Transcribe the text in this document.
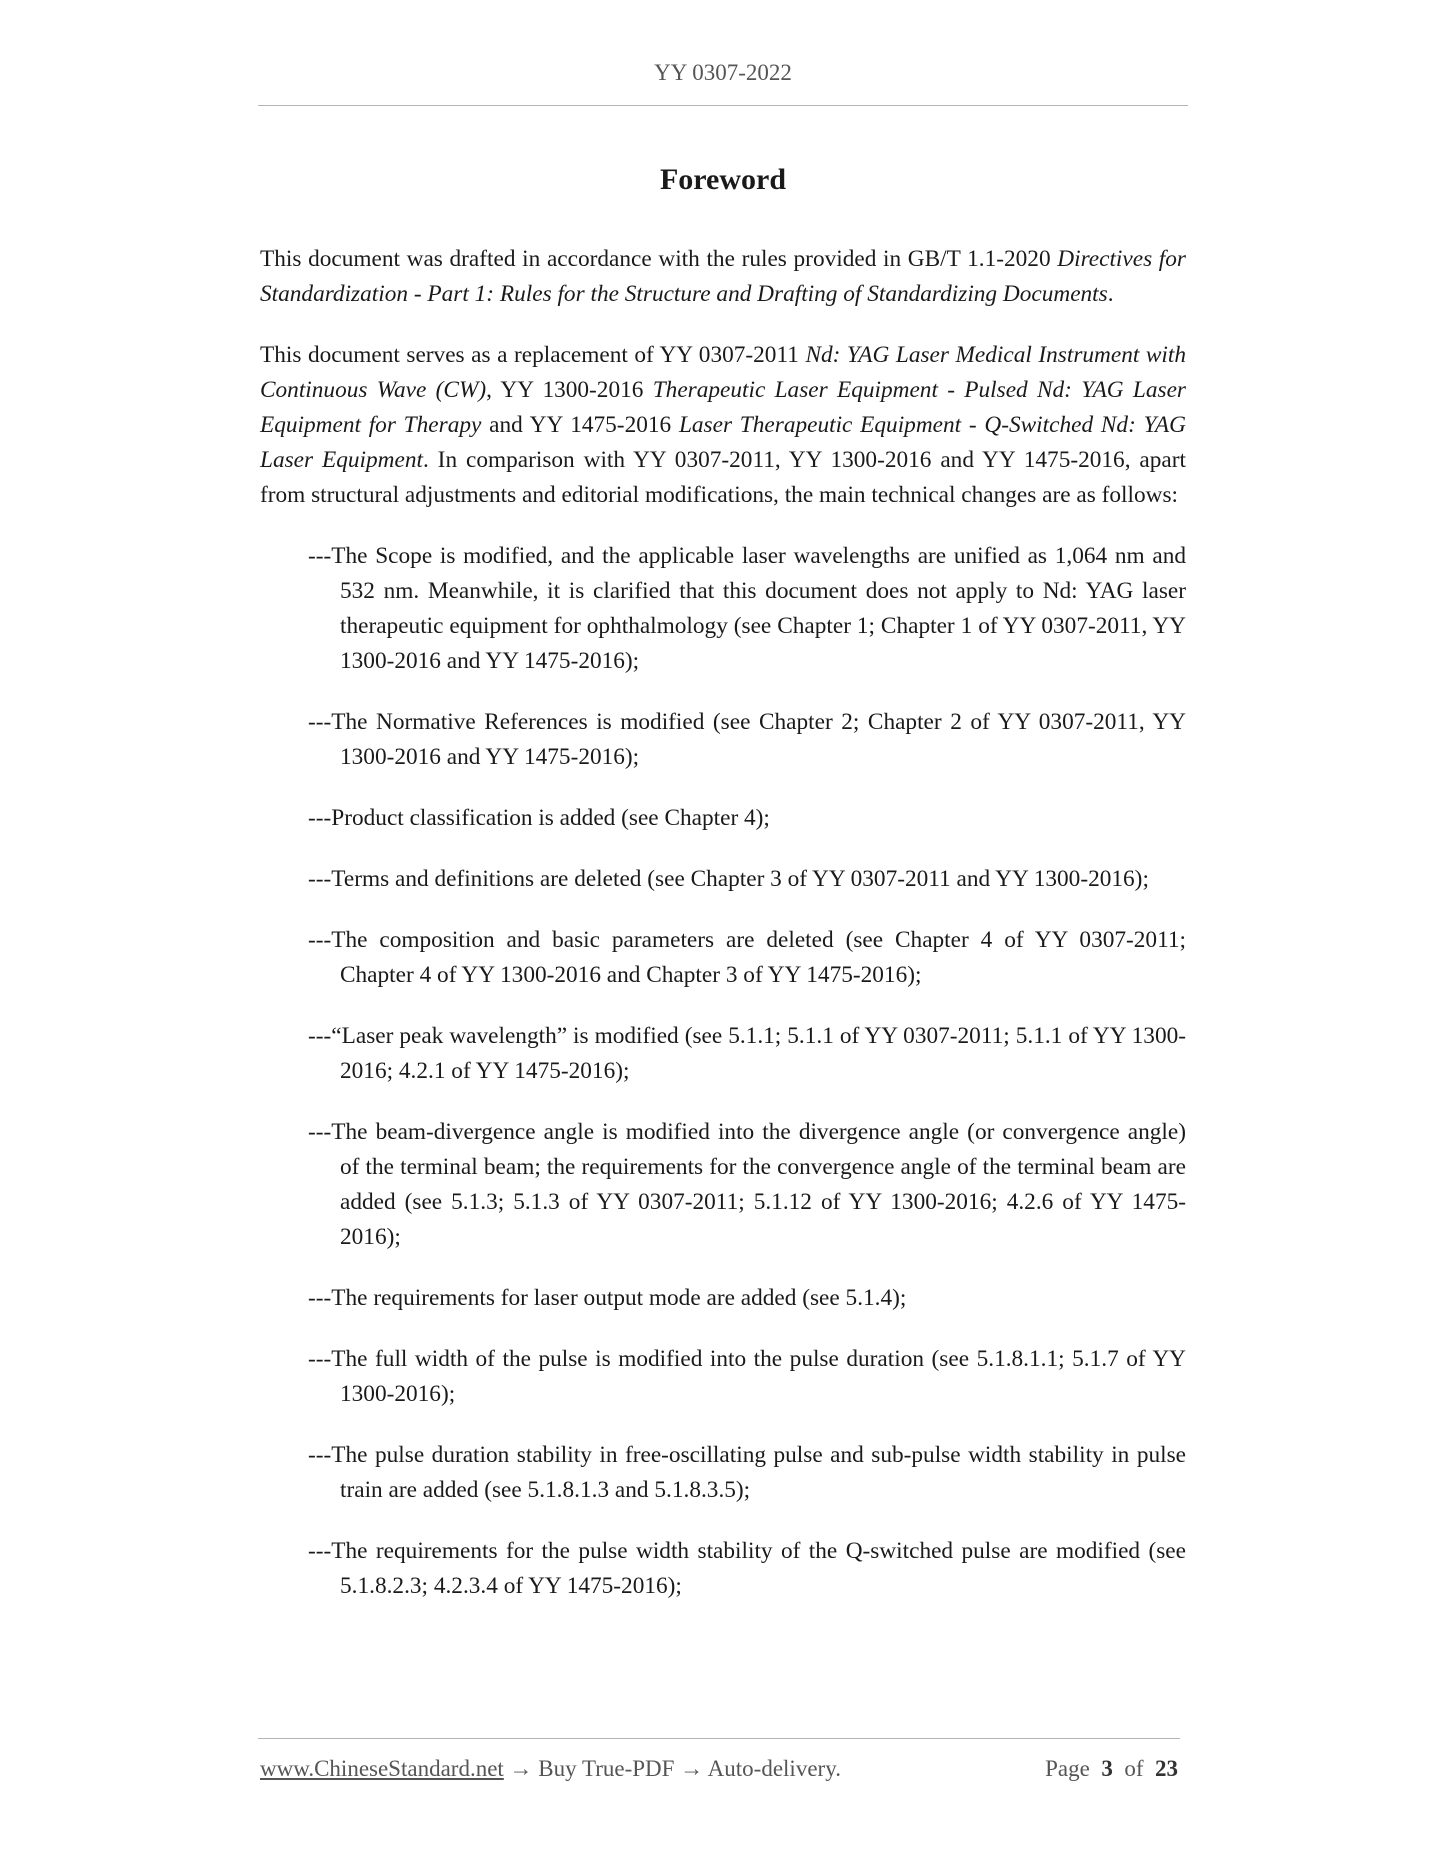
YY 0307-2022
Foreword

This document was drafted in accordance with the rules provided in GB/T 1.1-2020 Directives for Standardization - Part 1: Rules for the Structure and Drafting of Standardizing Documents.

This document serves as a replacement of YY 0307-2011 Nd: YAG Laser Medical Instrument with Continuous Wave (CW), YY 1300-2016 Therapeutic Laser Equipment - Pulsed Nd: YAG Laser Equipment for Therapy and YY 1475-2016 Laser Therapeutic Equipment - Q-Switched Nd: YAG Laser Equipment. In comparison with YY 0307-2011, YY 1300-2016 and YY 1475-2016, apart from structural adjustments and editorial modifications, the main technical changes are as follows:

---The Scope is modified, and the applicable laser wavelengths are unified as 1,064 nm and 532 nm. Meanwhile, it is clarified that this document does not apply to Nd: YAG laser therapeutic equipment for ophthalmology (see Chapter 1; Chapter 1 of YY 0307-2011, YY 1300-2016 and YY 1475-2016);

---The Normative References is modified (see Chapter 2; Chapter 2 of YY 0307-2011, YY 1300-2016 and YY 1475-2016);

---Product classification is added (see Chapter 4);

---Terms and definitions are deleted (see Chapter 3 of YY 0307-2011 and YY 1300-2016);

---The composition and basic parameters are deleted (see Chapter 4 of YY 0307-2011; Chapter 4 of YY 1300-2016 and Chapter 3 of YY 1475-2016);

---“Laser peak wavelength” is modified (see 5.1.1; 5.1.1 of YY 0307-2011; 5.1.1 of YY 1300-2016; 4.2.1 of YY 1475-2016);

---The beam-divergence angle is modified into the divergence angle (or convergence angle) of the terminal beam; the requirements for the convergence angle of the terminal beam are added (see 5.1.3; 5.1.3 of YY 0307-2011; 5.1.12 of YY 1300-2016; 4.2.6 of YY 1475-2016);

---The requirements for laser output mode are added (see 5.1.4);

---The full width of the pulse is modified into the pulse duration (see 5.1.8.1.1; 5.1.7 of YY 1300-2016);

---The pulse duration stability in free-oscillating pulse and sub-pulse width stability in pulse train are added (see 5.1.8.1.3 and 5.1.8.3.5);

---The requirements for the pulse width stability of the Q-switched pulse are modified (see 5.1.8.2.3; 4.2.3.4 of YY 1475-2016);

www.ChineseStandard.net → Buy True-PDF → Auto-delivery.	Page 3 of 23
